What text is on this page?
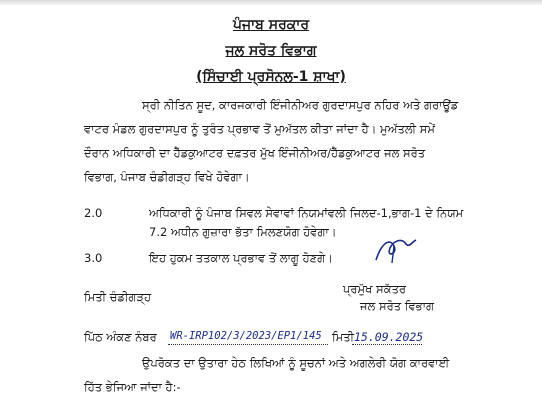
ਪੰਜਾਬ ਸਰਕਾਰ
ਜਲ ਸਰੋਤ ਵਿਭਾਗ
(ਸਿੰਚਾਈ ਪ੍ਰਸੋਨਲ-1 ਸ਼ਾਖਾ)
ਸ੍ਰੀ ਨੀਤਿਨ ਸੂਦ, ਕਾਰਜਕਾਰੀ ਇੰਜੀਨੀਅਰ ਗੁਰਦਾਸਪੁਰ ਨਹਿਰ ਅਤੇ ਗਰਾਊਂਡ
ਵਾਟਰ ਮੰਡਲ ਗੁਰਦਾਸਪੁਰ ਨੂੰ ਤੁਰੰਤ ਪ੍ਰਭਾਵ ਤੋਂ ਮੁਅੱਤਲ ਕੀਤਾ ਜਾਂਦਾ ਹੈ। ਮੁਅੱਤਲੀ ਸਮੇਂ
ਦੌਰਾਨ ਅਧਿਕਾਰੀ ਦਾ ਹੈੱਡਕੁਆਟਰ ਦਫ਼ਤਰ ਮੁੱਖ ਇੰਜੀਨੀਅਰ/ਹੈੱਡਕੁਆਟਰ ਜਲ ਸਰੋਤ
ਵਿਭਾਗ, ਪੰਜਾਬ ਚੰਡੀਗੜ੍ਹ ਵਿਖੇ ਹੋਵੇਗਾ।
2.0	ਅਧਿਕਾਰੀ ਨੂੰ ਪੰਜਾਬ ਸਿਵਲ ਸੇਵਾਵਾਂ ਨਿਯਮਾਂਵਲੀ ਜਿਲਦ-1,ਭਾਗ-1 ਦੇ ਨਿਯਮ
7.2 ਅਧੀਨ ਗੁਜ਼ਾਰਾ ਭੱਤਾ ਮਿਲਣਯੋਗ ਹੋਵੇਗਾ।
3.0	ਇਹ ਹੁਕਮ ਤਤਕਾਲ ਪ੍ਰਭਾਵ ਤੋਂ ਲਾਗੂ ਹੋਣਗੇ।
ਪ੍ਰਮੁੱਖ ਸਕੱਤਰ
ਜਲ ਸਰੋਤ ਵਿਭਾਗ
ਮਿਤੀ ਚੰਡੀਗੜ੍ਹ
ਪਿੱਠ ਅੰਕਣ ਨੰਬਰ WR-IRP102/3/2023/EP1/145 ਮਿਤੀ 15.09.2025
ਉਪਰੋਕਤ ਦਾ ਉਤਾਰਾ ਹੇਠ ਲਿਖਿਆਂ ਨੂੰ ਸੂਚਨਾਂ ਅਤੇ ਅਗਲੇਰੀ ਯੋਗ ਕਾਰਵਾਈ
ਹਿੱਤ ਭੇਜਿਆ ਜਾਂਦਾ ਹੈ:-
